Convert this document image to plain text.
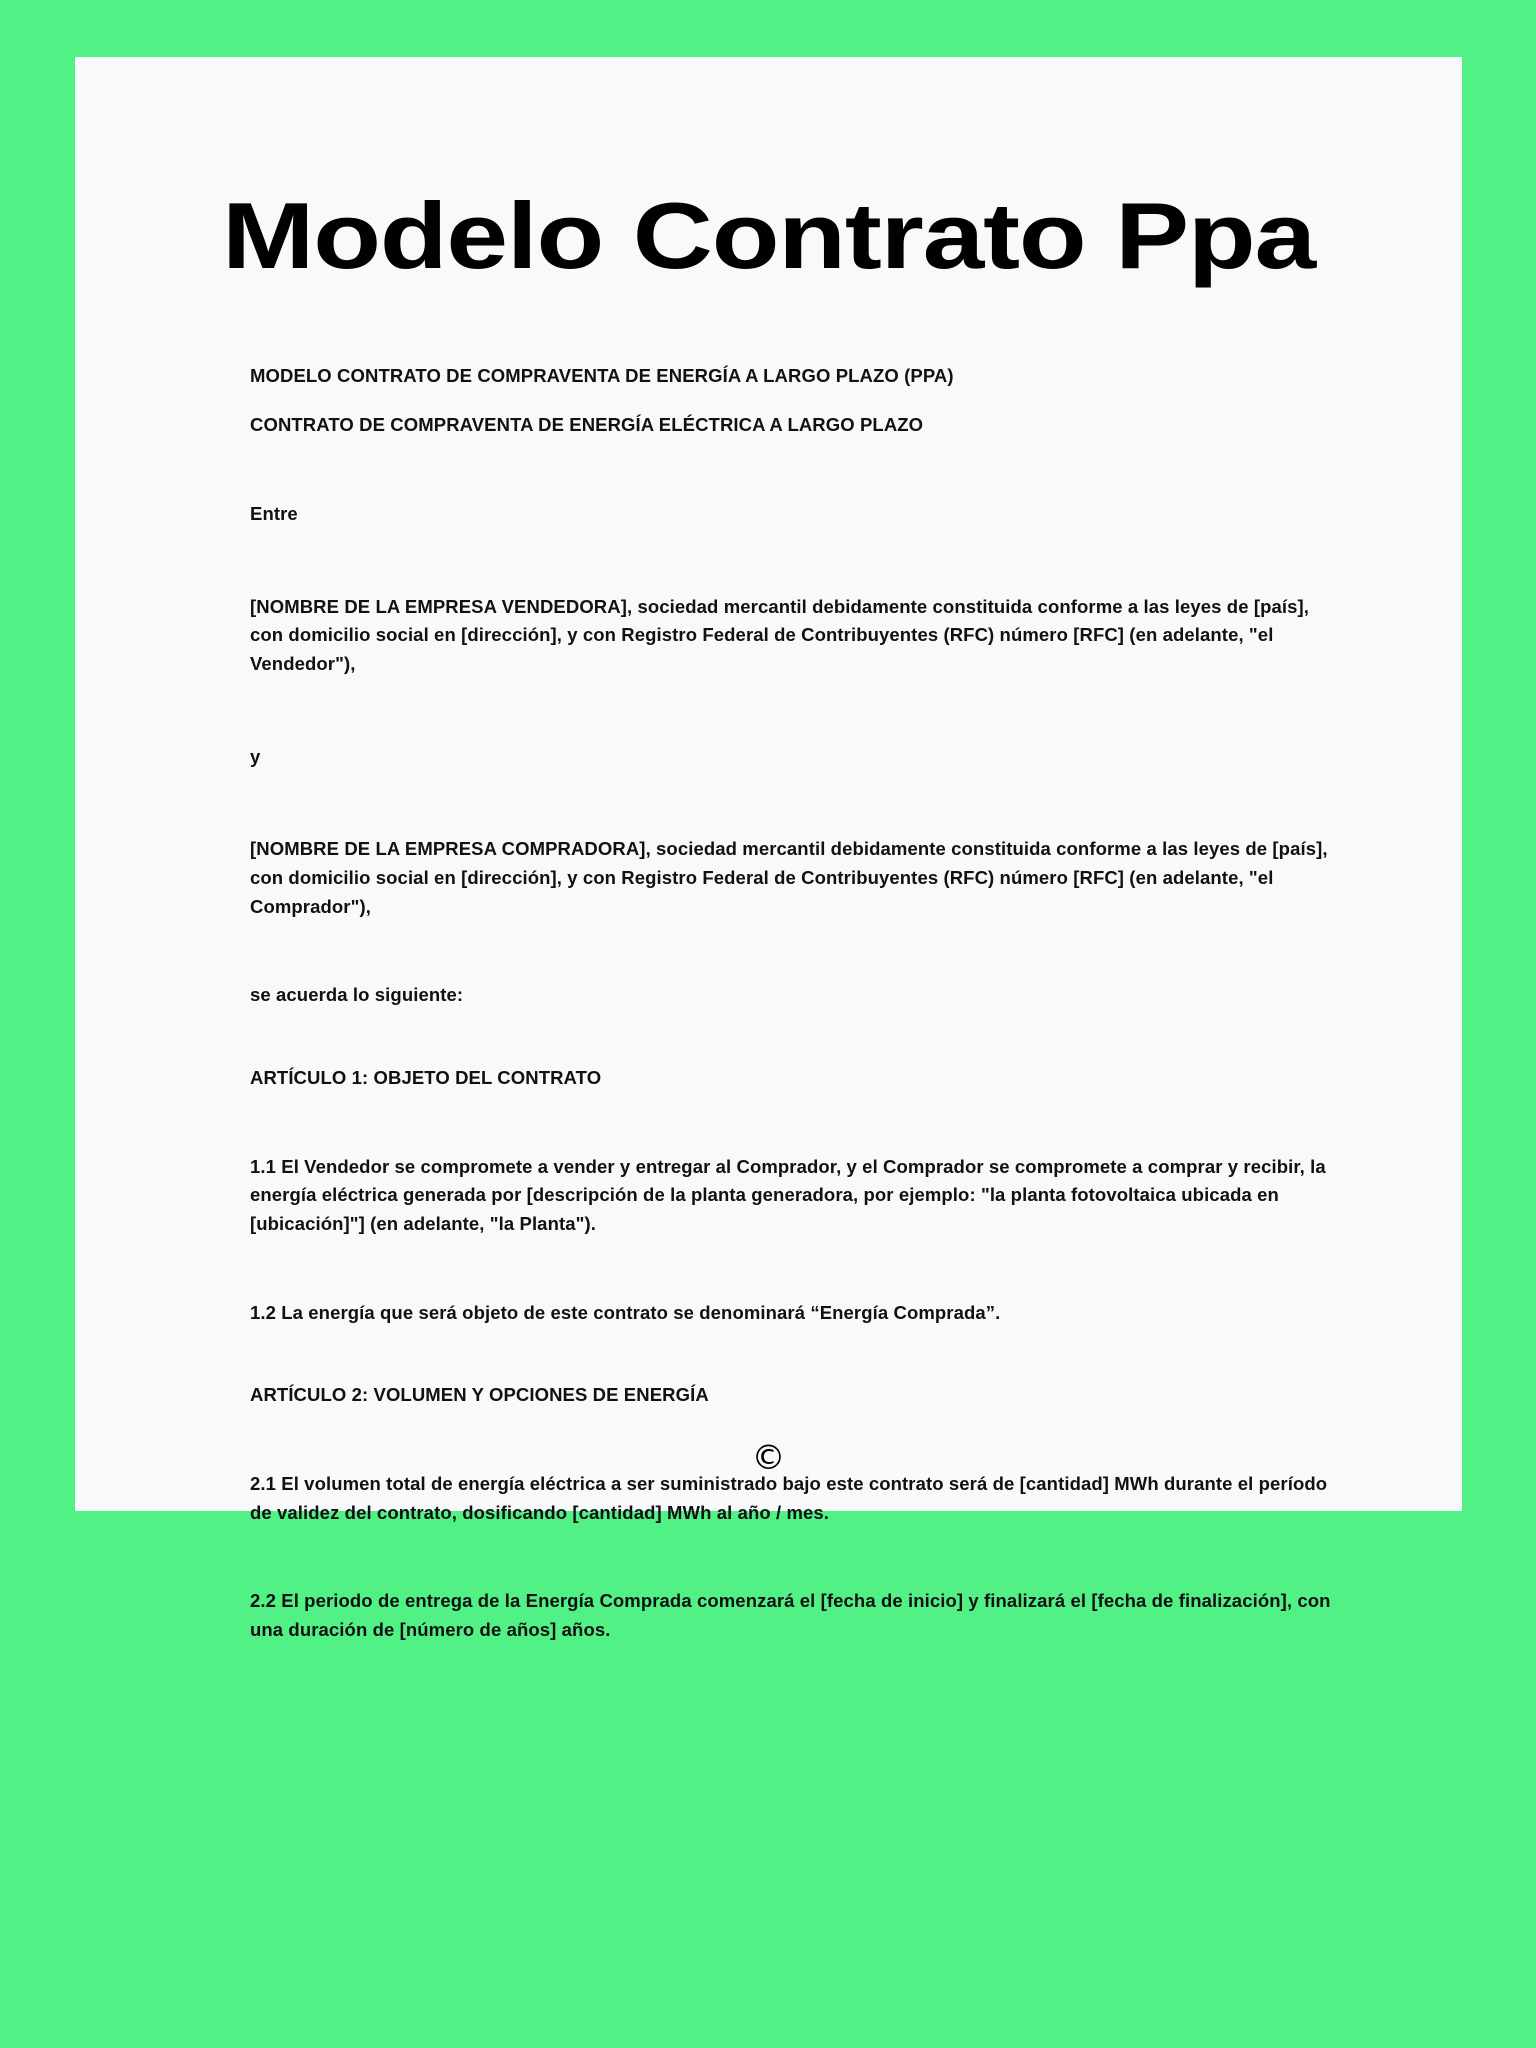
Modelo Contrato Ppa

MODELO CONTRATO DE COMPRAVENTA DE ENERGÍA A LARGO PLAZO (PPA)

CONTRATO DE COMPRAVENTA DE ENERGÍA ELÉCTRICA A LARGO PLAZO

Entre

[NOMBRE DE LA EMPRESA VENDEDORA], sociedad mercantil debidamente constituida conforme a las leyes de [país], con domicilio social en [dirección], y con Registro Federal de Contribuyentes (RFC) número [RFC] (en adelante, "el Vendedor"),

y

[NOMBRE DE LA EMPRESA COMPRADORA], sociedad mercantil debidamente constituida conforme a las leyes de [país], con domicilio social en [dirección], y con Registro Federal de Contribuyentes (RFC) número [RFC] (en adelante, "el Comprador"),

se acuerda lo siguiente:

ARTÍCULO 1: OBJETO DEL CONTRATO

1.1 El Vendedor se compromete a vender y entregar al Comprador, y el Comprador se compromete a comprar y recibir, la energía eléctrica generada por [descripción de la planta generadora, por ejemplo: "la planta fotovoltaica ubicada en [ubicación]"] (en adelante, "la Planta").

1.2 La energía que será objeto de este contrato se denominará “Energía Comprada”.

ARTÍCULO 2: VOLUMEN Y OPCIONES DE ENERGÍA

2.1 El volumen total de energía eléctrica a ser suministrado bajo este contrato será de [cantidad] MWh durante el período de validez del contrato, dosificando [cantidad] MWh al año / mes.

2.2 El periodo de entrega de la Energía Comprada comenzará el [fecha de inicio] y finalizará el [fecha de finalización], con una duración de [número de años] años.

©
